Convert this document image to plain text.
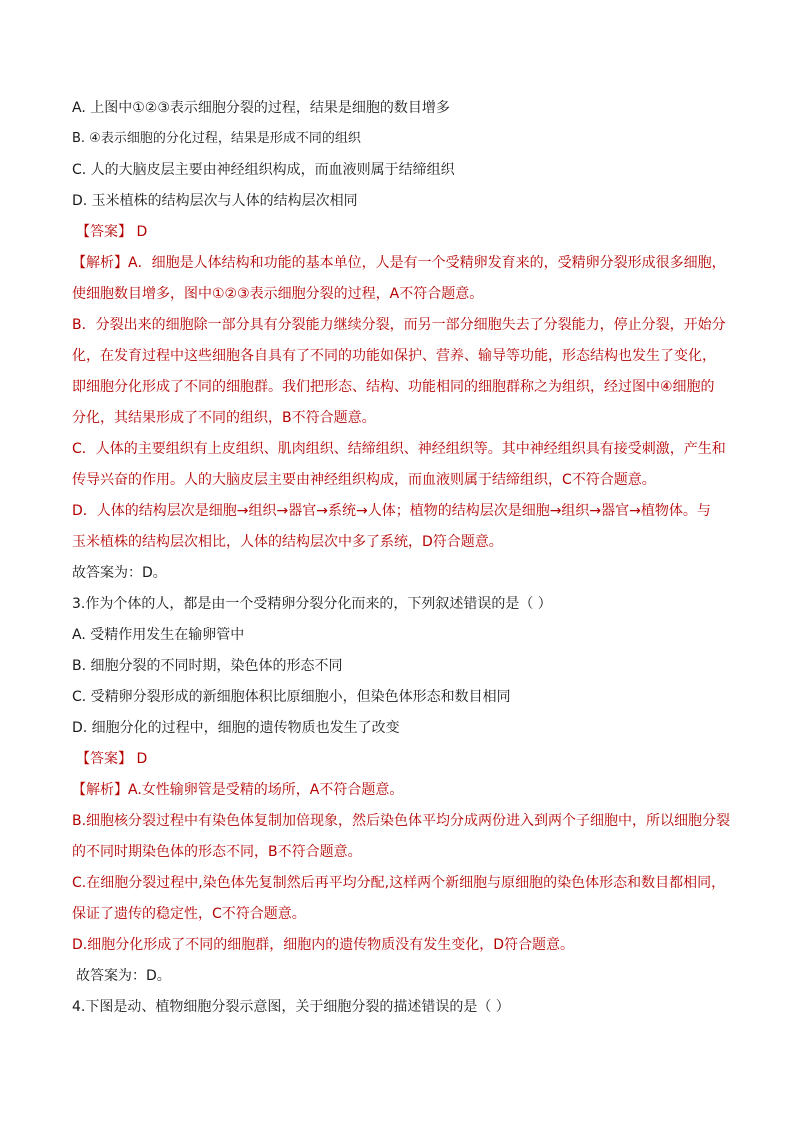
A. 上图中①②③表示细胞分裂的过程，结果是细胞的数目增多
B. ④表示细胞的分化过程，结果是形成不同的组织
C. 人的大脑皮层主要由神经组织构成，而血液则属于结缔组织
D. 玉米植株的结构层次与人体的结构层次相同
【答案】 D
【解析】A．细胞是人体结构和功能的基本单位，人是有一个受精卵发育来的，受精卵分裂形成很多细胞，
使细胞数目增多，图中①②③表示细胞分裂的过程，A不符合题意。
B．分裂出来的细胞除一部分具有分裂能力继续分裂，而另一部分细胞失去了分裂能力，停止分裂，开始分
化，在发育过程中这些细胞各自具有了不同的功能如保护、营养、输导等功能，形态结构也发生了变化，
即细胞分化形成了不同的细胞群。我们把形态、结构、功能相同的细胞群称之为组织，经过图中④细胞的
分化，其结果形成了不同的组织，B不符合题意。
C．人体的主要组织有上皮组织、肌肉组织、结缔组织、神经组织等。其中神经组织具有接受刺激，产生和
传导兴奋的作用。人的大脑皮层主要由神经组织构成，而血液则属于结缔组织，C不符合题意。
D．人体的结构层次是细胞→组织→器官→系统→人体；植物的结构层次是细胞→组织→器官→植物体。与
玉米植株的结构层次相比，人体的结构层次中多了系统，D符合题意。
故答案为：D。
3.作为个体的人，都是由一个受精卵分裂分化而来的，下列叙述错误的是（ ）
A. 受精作用发生在输卵管中
B. 细胞分裂的不同时期，染色体的形态不同
C. 受精卵分裂形成的新细胞体积比原细胞小，但染色体形态和数目相同
D. 细胞分化的过程中，细胞的遗传物质也发生了改变
【答案】 D
【解析】A.女性输卵管是受精的场所，A不符合题意。
B.细胞核分裂过程中有染色体复制加倍现象，然后染色体平均分成两份进入到两个子细胞中，所以细胞分裂
的不同时期染色体的形态不同，B不符合题意。
C.在细胞分裂过程中,染色体先复制然后再平均分配,这样两个新细胞与原细胞的染色体形态和数目都相同，
保证了遗传的稳定性，C不符合题意。
D.细胞分化形成了不同的细胞群，细胞内的遗传物质没有发生变化，D符合题意。
故答案为：D。
4.下图是动、植物细胞分裂示意图，关于细胞分裂的描述错误的是（ ）
